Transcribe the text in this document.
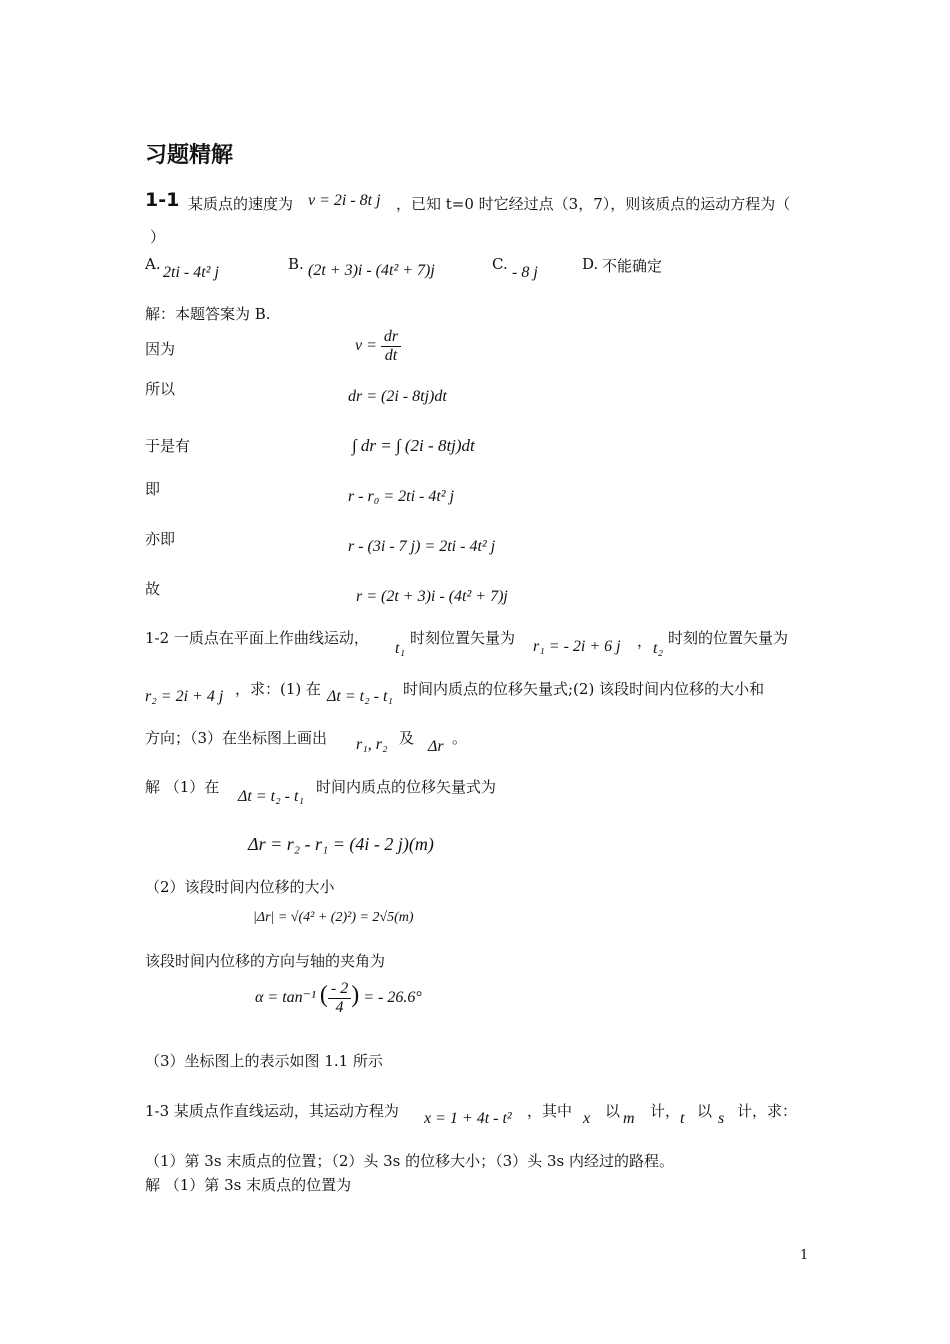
习题精解
1-1 某质点的速度为 v = 2i - 8t j ，已知 t=0 时它经过点（3，7），则该质点的运动方程为（
）
A. 2ti - 4t² j	B. (2t + 3)i - (4t² + 7)j	C. - 8 j	D. 不能确定
解：本题答案为 B.
因为	$v = \frac{dr}{dt}$
所以	dr = (2i - 8tj)dt
于是有	∫ dr = ∫ (2i - 8tj)dt
即	r - r₀ = 2ti - 4t² j
亦即	r - (3i - 7 j) = 2ti - 4t² j
故	r = (2t + 3)i - (4t² + 7)j
1-2 一质点在平面上作曲线运动，
t₁
时刻位置矢量为 r₁ = - 2i + 6 j ， t₂
时刻的位置矢量为
r₂ = 2i + 4 j ，求：(1) 在 Δt = t₂ - t₁ 时间内质点的位移矢量式;(2) 该段时间内位移的大小和
方向；（3）在坐标图上画出 r₁, r₂ 及 Δr 。
解 （1）在
Δt = t₂ - t₁
时间内质点的位移矢量式为
Δr = r₂ - r₁ = (4i - 2 j)(m)
（2）该段时间内位移的大小
|Δr| = √(4² + (2)²) = 2√5(m)
该段时间内位移的方向与轴的夹角为
α = tan⁻¹ ( $\frac{- 2}{4}$ ) = - 26.6°
（3）坐标图上的表示如图 1.1 所示
1-3 某质点作直线运动，其运动方程为 x = 1 + 4t - t² ，其中 x 以 m 计， t 以 s 计，求：
（1）第 3s 末质点的位置；（2）头 3s 的位移大小；（3）头 3s 内经过的路程。
解 （1）第 3s 末质点的位置为
1
